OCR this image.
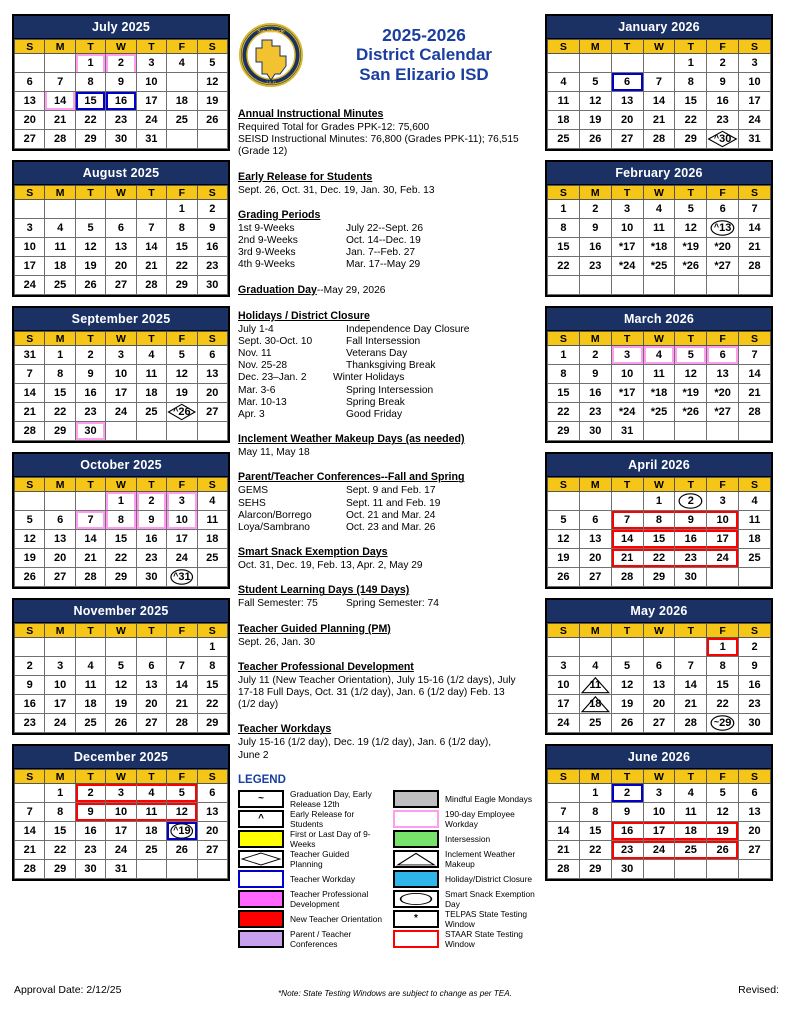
July 2025
S	M	T	W	T	F	S
		1	2	3	4	5
6	7	8	9	10	11	12
13	14	15	16	17	18	19
20	21	22	23	24	25	26
27	28	29	30	31		
August 2025
S	M	T	W	T	F	S
					1	2
3	4	5	6	7	8	9
10	11	12	13	14	15	16
17	18	19	20	21	22	23
24	25	26	27	28	29	30
September 2025
S	M	T	W	T	F	S
31	1	2	3	4	5	6
7	8	9	10	11	12	13
14	15	16	17	18	19	20
21	22	23	24	25	^26	27
28	29	30				
October 2025
S	M	T	W	T	F	S
			1	2	3	4
5	6	7	8	9	10	11
12	13	14	15	16	17	18
19	20	21	22	23	24	25
26	27	28	29	30	^31	
November 2025
S	M	T	W	T	F	S
						1
2	3	4	5	6	7	8
9	10	11	12	13	14	15
16	17	18	19	20	21	22
23	24	25	26	27	28	29
December 2025
S	M	T	W	T	F	S
	1	2	3	4	5	6
7	8	9	10	11	12	13
14	15	16	17	18	^19	20
21	22	23	24	25	26	27
28	29	30	31			
January 2026
S	M	T	W	T	F	S
				1	2	3
4	5	6	7	8	9	10
11	12	13	14	15	16	17
18	19	20	21	22	23	24
25	26	27	28	29	^30	31
February 2026
S	M	T	W	T	F	S
1	2	3	4	5	6	7
8	9	10	11	12	^13	14
15	16	*17	*18	*19	*20	21
22	23	*24	*25	*26	*27	28

March 2026
S	M	T	W	T	F	S
1	2	3	4	5	6	7
8	9	10	11	12	13	14
15	16	*17	*18	*19	*20	21
22	23	*24	*25	*26	*27	28
29	30	31				
April 2026
S	M	T	W	T	F	S
			1	2	3	4
5	6	7	8	9	10	11
12	13	14	15	16	17	18
19	20	21	22	23	24	25
26	27	28	29	30		
May 2026
S	M	T	W	T	F	S
					1	2
3	4	5	6	7	8	9
10	11	12	13	14	15	16
17	18	19	20	21	22	23
24	25	26	27	28	~29	30
June 2026
S	M	T	W	T	F	S
	1	2	3	4	5	6
7	8	9	10	11	12	13
14	15	16	17	18	19	20
21	22	23	24	25	26	27
28	29	30				
San Elizario
I S D
2025-2026
District Calendar
San Elizario ISD
Annual Instructional Minutes

Required Total for Grades PPK-12: 75,600

SEISD Instructional Minutes: 76,800 (Grades PPK-11); 76,515

(Grade 12)

Early Release for Students

Sept. 26, Oct. 31, Dec. 19, Jan. 30, Feb. 13

Grading Periods
1st 9-Weeks	July 22--Sept. 26
2nd 9-Weeks	Oct. 14--Dec. 19
3rd 9-Weeks	Jan. 7--Feb. 27
4th 9-Weeks	Mar. 17--May 29
Graduation Day--May 29, 2026
Holidays / District Closure
July 1-4	Independence Day Closure
Sept. 30-Oct. 10	Fall Intersession
Nov. 11	Veterans Day
Nov. 25-28	Thanksgiving Break
Dec. 23–Jan. 2	Winter Holidays
Mar. 3-6	Spring Intersession
Mar. 10-13	Spring Break
Apr. 3	Good Friday
Inclement Weather Makeup Days (as needed)

May 11, May 18

Parent/Teacher Conferences--Fall and Spring
GEMS	Sept. 9 and Feb. 17
SEHS	Sept. 11 and Feb. 19
Alarcon/Borrego	Oct. 21 and Mar. 24
Loya/Sambrano	Oct. 23 and Mar. 26
Smart Snack Exemption Days

Oct. 31, Dec. 19, Feb. 13, Apr. 2, May 29

Student Learning Days (149 Days)
Fall Semester: 75	Spring Semester: 74
Teacher Guided Planning (PM)

Sept. 26, Jan. 30

Teacher Professional Development

July 11 (New Teacher Orientation), July 15-16 (1/2 days), July

17-18 Full Days, Oct. 31 (1/2 day), Jan. 6 (1/2 day) Feb. 13

(1/2 day)

Teacher Workdays

July 15-16 (1/2 day), Dec. 19 (1/2 day), Jan. 6 (1/2 day),

June 2

LEGEND
~	Graduation Day, Early Release 12th
^	Early Release for Students
First or Last Day of 9-Weeks
Teacher Guided Planning
Teacher Workday
Teacher Professional Development
New Teacher Orientation
Parent / Teacher Conferences
Mindful Eagle Mondays
190-day Employee Workday
Intersession
Inclement Weather Makeup
Holiday/District Closure
Smart Snack Exemption Day
*	TELPAS State Testing Window
STAAR State Testing Window
Approval Date: 2/12/25	*Note: State Testing Windows are subject to change as per TEA.	Revised:
